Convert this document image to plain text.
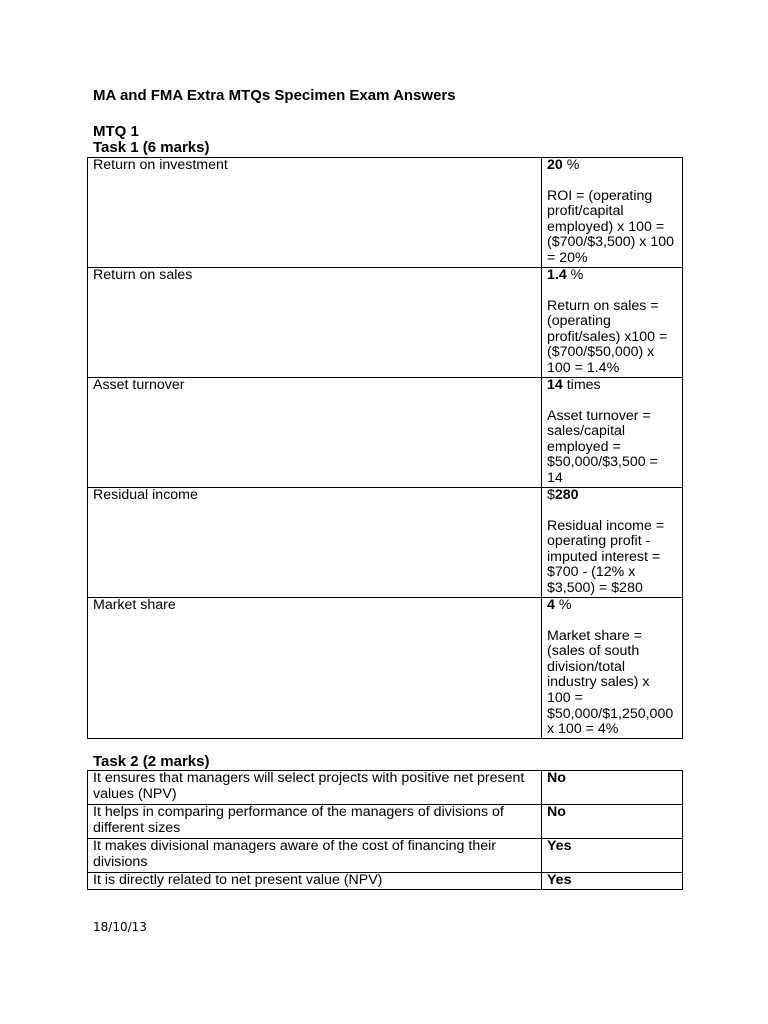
MA and FMA Extra MTQs Specimen Exam Answers
MTQ 1
Task 1 (6 marks)
Return on investment	20 %
ROI = (operating profit/capital employed) x 100 = ($700/$3,500) x 100 = 20%

Return on sales	1.4 %
Return on sales = (operating profit/sales) x100 = ($700/$50,000) x 100 = 1.4%

Asset turnover	14 times
Asset turnover = sales/capital employed = $50,000/$3,500 = 14

Residual income	$280
Residual income = operating profit - imputed interest = $700 - (12% x $3,500) = $280

Market share	4 %
Market share = (sales of south division/total industry sales) x 100 = $50,000/$1,250,000 x 100 = 4%
Task 2 (2 marks)
It ensures that managers will select projects with positive net present values (NPV)	No
It helps in comparing performance of the managers of divisions of different sizes	No
It makes divisional managers aware of the cost of financing their divisions	Yes
It is directly related to net present value (NPV)	Yes
18/10/13
